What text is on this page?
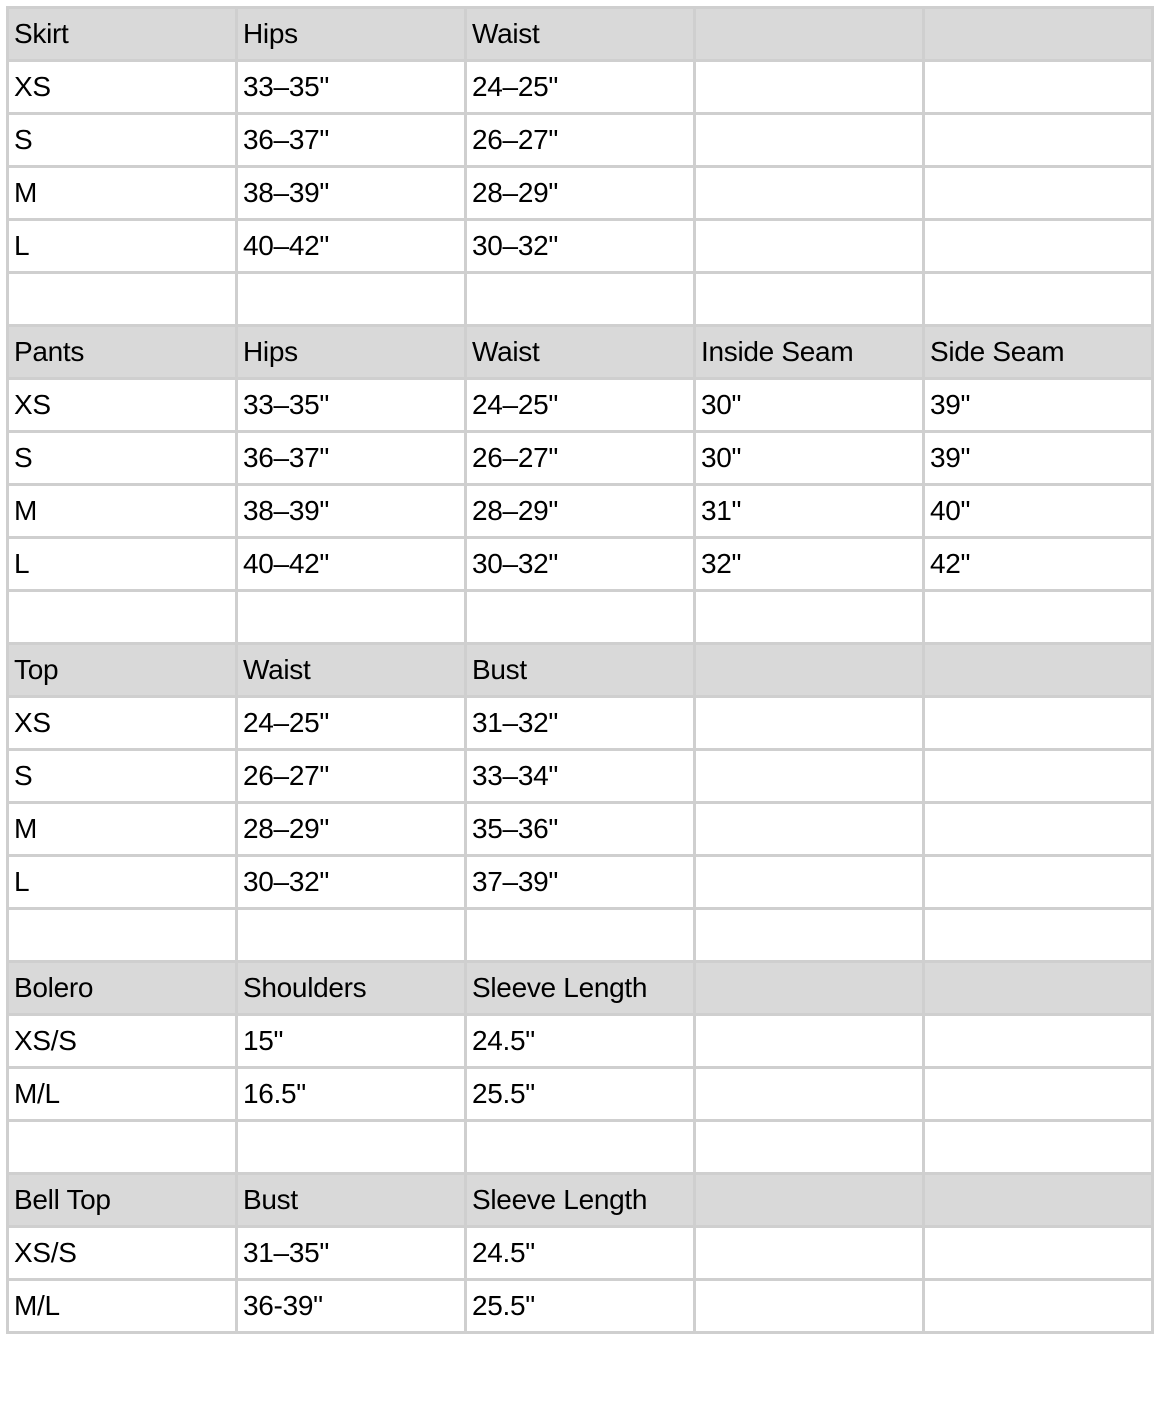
Skirt	Hips	Waist		
XS	33–35"	24–25"		
S	36–37"	26–27"		
M	38–39"	28–29"		
L	40–42"	30–32"		

Pants	Hips	Waist	Inside Seam	Side Seam
XS	33–35"	24–25"	30"	39"
S	36–37"	26–27"	30"	39"
M	38–39"	28–29"	31"	40"
L	40–42"	30–32"	32"	42"

Top	Waist	Bust		
XS	24–25"	31–32"		
S	26–27"	33–34"		
M	28–29"	35–36"		
L	30–32"	37–39"		

Bolero	Shoulders	Sleeve Length		
XS/S	15"	24.5"		
M/L	16.5"	25.5"		

Bell Top	Bust	Sleeve Length		
XS/S	31–35"	24.5"		
M/L	36-39"	25.5"		
